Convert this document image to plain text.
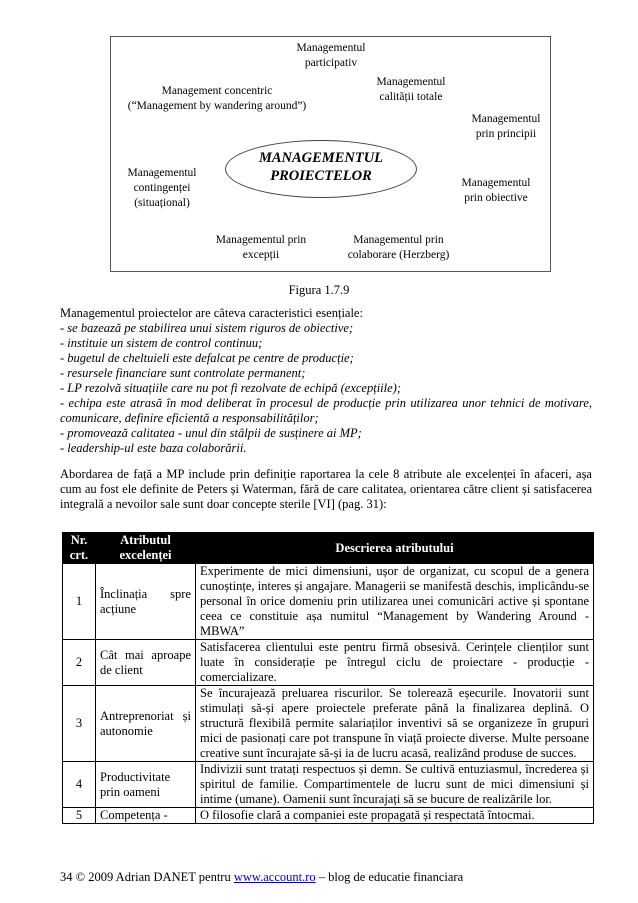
Managementul
participativ
Management concentric
(“Management by wandering around”)
Managementul
calității totale
Managementul
prin principii
Managementul
contingenței
(situațional)
Managementul
prin obiective
Managementul prin
excepții
Managementul prin
colaborare (Herzberg)
MANAGEMENTUL
PROIECTELOR
Figura 1.7.9

Managementul proiectelor are câteva caracteristici esențiale:

- se bazează pe stabilirea unui sistem riguros de obiective;

- instituie un sistem de control continuu;

- bugetul de cheltuieli este defalcat pe centre de producție;

- resursele financiare sunt controlate permanent;

- LP rezolvă situațiile care nu pot fi rezolvate de echipă (excepțiile);

- echipa este atrasă în mod deliberat în procesul de producție prin utilizarea unor tehnici de motivare, comunicare, definire eficientă a responsabilităților;

- promovează calitatea - unul din stâlpii de susținere ai MP;

- leadership-ul este baza colaborării.

Abordarea de față a MP include prin definiție raportarea la cele 8 atribute ale excelenței în afaceri, așa cum au fost ele definite de Peters și Waterman, fără de care calitatea, orientarea către client și satisfacerea integrală a nevoilor sale sunt doar concepte sterile [VI] (pag. 31):
Nr. crt.	Atributul excelenței	Descrierea atributului
1	Înclinația spre acțiune	Experimente de mici dimensiuni, ușor de organizat, cu scopul de a genera cunoștințe, interes și angajare. Managerii se manifestă deschis, implicându-se personal în orice domeniu prin utilizarea unei comunicări active și spontane ceea ce constituie așa numitul “Management by Wandering Around - MBWA”
2	Cât mai aproape de client	Satisfacerea clientului este pentru firmă obsesivă. Cerințele clienților sunt luate în considerație pe întregul ciclu de proiectare - producție - comercializare.
3	Antreprenoriat și autonomie	Se încurajează preluarea riscurilor. Se tolerează eșecurile. Inovatorii sunt stimulați să-și apere proiectele preferate până la finalizarea deplină. O structură flexibilă permite salariaților inventivi să se organizeze în grupuri mici de pasionați care pot transpune în viață proiecte diverse. Multe persoane creative sunt încurajate să-și ia de lucru acasă, realizând produse de succes.
4	Productivitate prin oameni	Indivizii sunt tratați respectuos și demn. Se cultivă entuziasmul, încrederea și spiritul de familie. Compartimentele de lucru sunt de mici dimensiuni și intime (umane). Oamenii sunt încurajați să se bucure de realizările lor.
5	Competența -	O filosofie clară a companiei este propagată și respectată întocmai.
34 © 2009 Adrian DANET pentru www.account.ro – blog de educatie financiara
